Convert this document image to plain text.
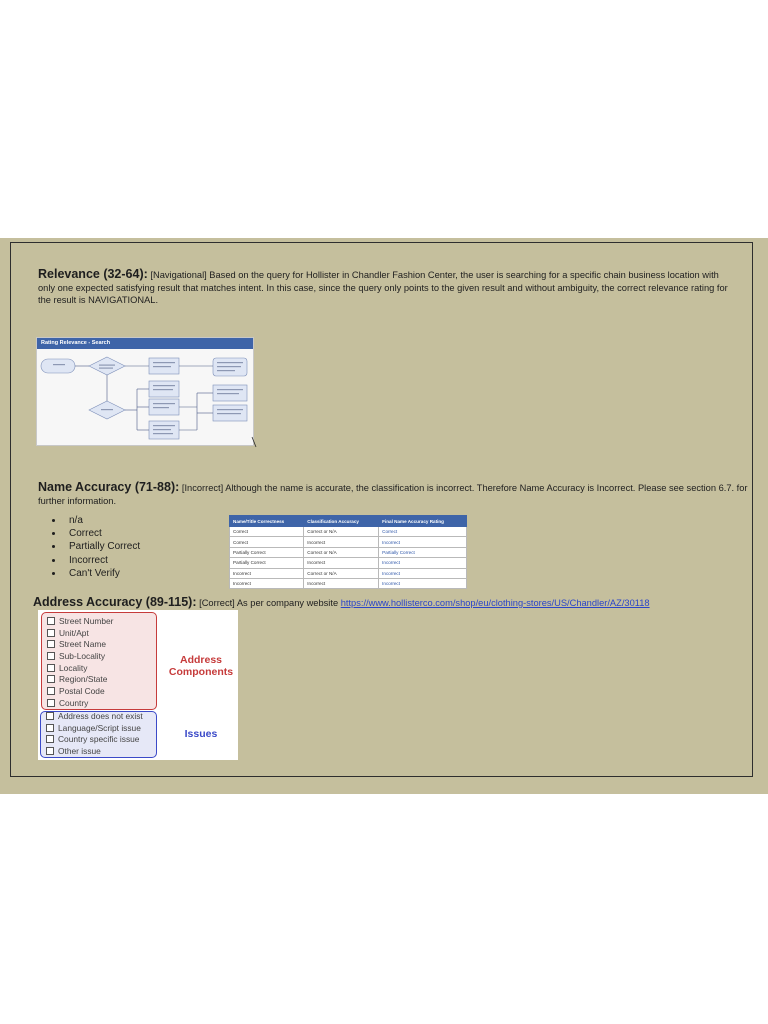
Relevance (32-64): [Navigational] Based on the query for Hollister in Chandler Fashion Center, the user is searching for a specific chain business location with only one expected satisfying result that matches intent. In this case, since the query only points to the given result and without ambiguity, the correct relevance rating for the result is NAVIGATIONAL.
Rating Relevance - Search
Name Accuracy (71-88): [Incorrect] Although the name is accurate, the classification is incorrect. Therefore Name Accuracy is Incorrect. Please see section 6.7. for further information.
n/a
Correct
Partially Correct
Incorrect
Can't Verify
Name/Title Correctness	Classification Accuracy	Final Name Accuracy Rating
Correct	Correct or N/A	Correct
Correct	Incorrect	Incorrect
Partially Correct	Correct or N/A	Partially Correct
Partially Correct	Incorrect	Incorrect
Incorrect	Correct or N/A	Incorrect
Incorrect	Incorrect	Incorrect
Address Accuracy (89-115): [Correct] As per company website https://www.hollisterco.com/shop/eu/clothing-stores/US/Chandler/AZ/30118
Street Number
Unit/Apt
Street Name
Sub-Locality
Locality
Region/State
Postal Code
Country
Address does not exist
Language/Script issue
Country specific issue
Other issue
Address
Components
Issues
